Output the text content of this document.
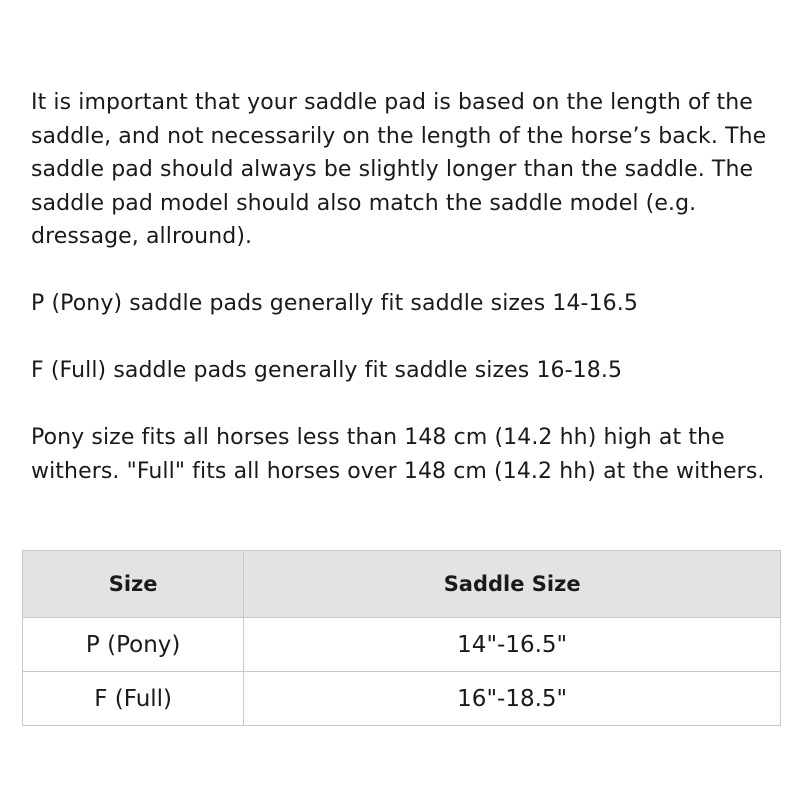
It is important that your saddle pad is based on the length of the saddle, and not necessarily on the length of the horse’s back. The saddle pad should always be slightly longer than the saddle. The saddle pad model should also match the saddle model (e.g. dressage, allround).

P (Pony) saddle pads generally fit saddle sizes 14-16.5

F (Full) saddle pads generally fit saddle sizes 16-18.5

Pony size fits all horses less than 148 cm (14.2 hh) high at the withers. "Full" fits all horses over 148 cm (14.2 hh) at the withers.

Size	Saddle Size
P (Pony)	14"-16.5"
F (Full)	16"-18.5"
